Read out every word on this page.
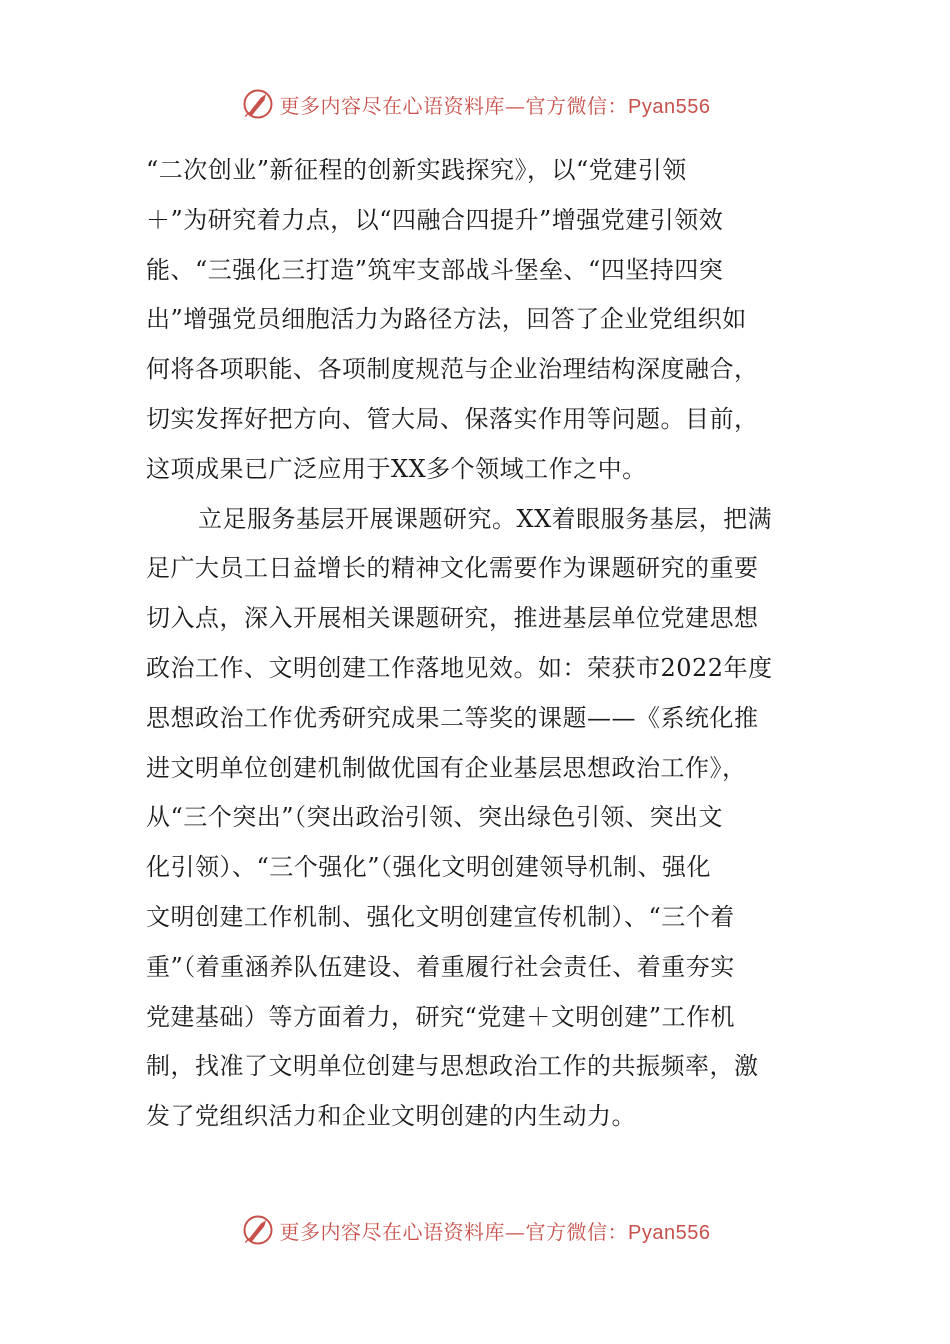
更多内容尽在心语资料库—官方微信：Pyan556
“二次创业”新征程的创新实践探究》，以“党建引领
＋”为研究着力点，以“四融合四提升”增强党建引领效
能、“三强化三打造”筑牢支部战斗堡垒、“四坚持四突
出”增强党员细胞活力为路径方法，回答了企业党组织如
何将各项职能、各项制度规范与企业治理结构深度融合，
切实发挥好把方向、管大局、保落实作用等问题。目前，
这项成果已广泛应用于XX多个领域工作之中。
立足服务基层开展课题研究。XX着眼服务基层，把满
足广大员工日益增长的精神文化需要作为课题研究的重要
切入点，深入开展相关课题研究，推进基层单位党建思想
政治工作、文明创建工作落地见效。如：荣获市2022年度
思想政治工作优秀研究成果二等奖的课题——《系统化推
进文明单位创建机制做优国有企业基层思想政治工作》，
从“三个突出”（突出政治引领、突出绿色引领、突出文
化引领）、“三个强化”（强化文明创建领导机制、强化
文明创建工作机制、强化文明创建宣传机制）、“三个着
重”（着重涵养队伍建设、着重履行社会责任、着重夯实
党建基础）等方面着力，研究“党建＋文明创建”工作机
制，找准了文明单位创建与思想政治工作的共振频率，激
发了党组织活力和企业文明创建的内生动力。
更多内容尽在心语资料库—官方微信：Pyan556
